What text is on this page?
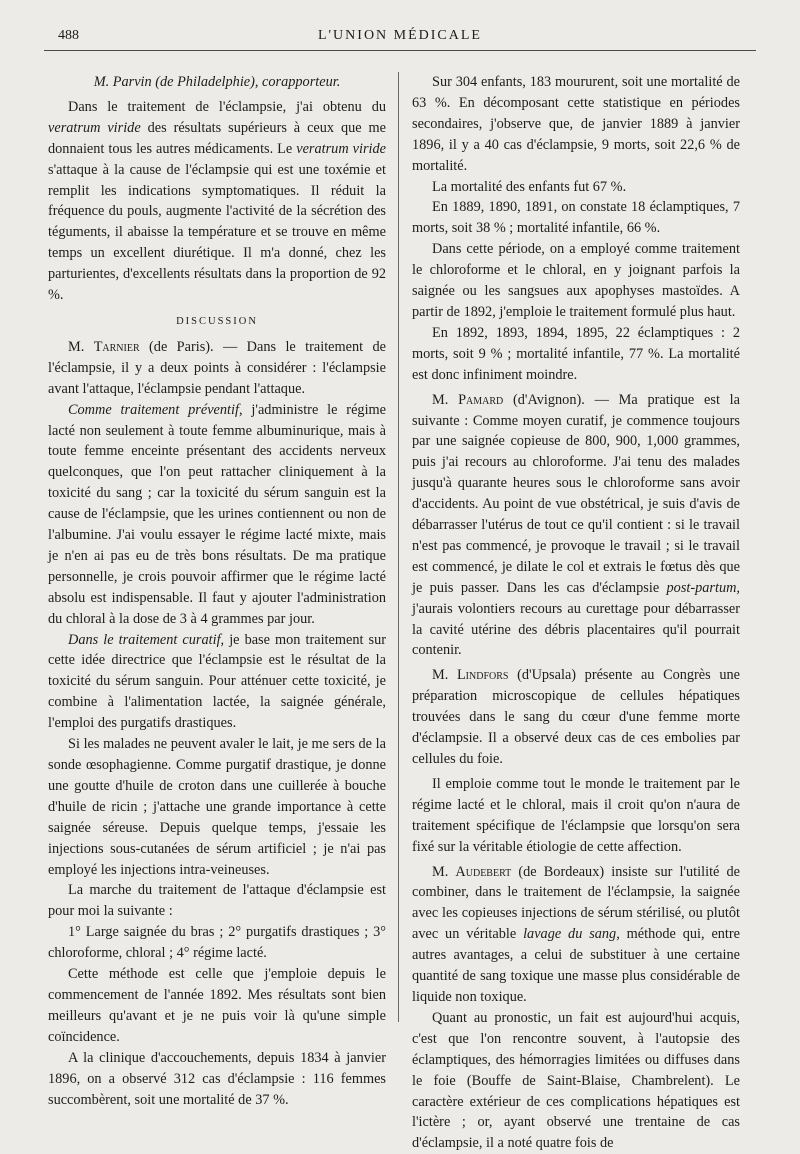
488	L'UNION MÉDICALE

M. Parvin (de Philadelphie), corapporteur.

Dans le traitement de l'éclampsie, j'ai obtenu du veratrum viride des résultats supérieurs à ceux que me donnaient tous les autres médicaments. Le veratrum viride s'attaque à la cause de l'éclampsie qui est une toxémie et remplit les indications symptomatiques. Il réduit la fréquence du pouls, augmente l'activité de la sécrétion des téguments, il abaisse la température et se trouve en même temps un excellent diurétique. Il m'a donné, chez les parturientes, d'excellents résultats dans la proportion de 92 %.

DISCUSSION

M. Tarnier (de Paris). — Dans le traitement de l'éclampsie, il y a deux points à considérer : l'éclampsie avant l'attaque, l'éclampsie pendant l'attaque.

Comme traitement préventif, j'administre le régime lacté non seulement à toute femme albuminurique, mais à toute femme enceinte présentant des accidents nerveux quelconques, que l'on peut rattacher cliniquement à la toxicité du sang ; car la toxicité du sérum sanguin est la cause de l'éclampsie, que les urines contiennent ou non de l'albumine. J'ai voulu essayer le régime lacté mixte, mais je n'en ai pas eu de très bons résultats. De ma pratique personnelle, je crois pouvoir affirmer que le régime lacté absolu est indispensable. Il faut y ajouter l'administration du chloral à la dose de 3 à 4 grammes par jour.

Dans le traitement curatif, je base mon traitement sur cette idée directrice que l'éclampsie est le résultat de la toxicité du sérum sanguin. Pour atténuer cette toxicité, je combine à l'alimentation lactée, la saignée générale, l'emploi des purgatifs drastiques.

Si les malades ne peuvent avaler le lait, je me sers de la sonde œsophagienne. Comme purgatif drastique, je donne une goutte d'huile de croton dans une cuillerée à bouche d'huile de ricin ; j'attache une grande importance à cette saignée séreuse. Depuis quelque temps, j'essaie les injections sous-cutanées de sérum artificiel ; je n'ai pas employé les injections intra-veineuses.

La marche du traitement de l'attaque d'éclampsie est pour moi la suivante :

1° Large saignée du bras ; 2° purgatifs drastiques ; 3° chloroforme, chloral ; 4° régime lacté.

Cette méthode est celle que j'emploie depuis le commencement de l'année 1892. Mes résultats sont bien meilleurs qu'avant et je ne puis voir là qu'une simple coïncidence.

A la clinique d'accouchements, depuis 1834 à janvier 1896, on a observé 312 cas d'éclampsie : 116 femmes succombèrent, soit une mortalité de 37 %.

Sur 304 enfants, 183 moururent, soit une mortalité de 63 %. En décomposant cette statistique en périodes secondaires, j'observe que, de janvier 1889 à janvier 1896, il y a 40 cas d'éclampsie, 9 morts, soit 22,6 % de mortalité.

La mortalité des enfants fut 67 %.

En 1889, 1890, 1891, on constate 18 éclamptiques, 7 morts, soit 38 % ; mortalité infantile, 66 %.

Dans cette période, on a employé comme traitement le chloroforme et le chloral, en y joignant parfois la saignée ou les sangsues aux apophyses mastoïdes. A partir de 1892, j'emploie le traitement formulé plus haut.

En 1892, 1893, 1894, 1895, 22 éclamptiques : 2 morts, soit 9 % ; mortalité infantile, 77 %. La mortalité est donc infiniment moindre.

M. Pamard (d'Avignon). — Ma pratique est la suivante : Comme moyen curatif, je commence toujours par une saignée copieuse de 800, 900, 1,000 grammes, puis j'ai recours au chloroforme. J'ai tenu des malades jusqu'à quarante heures sous le chloroforme sans avoir d'accidents. Au point de vue obstétrical, je suis d'avis de débarrasser l'utérus de tout ce qu'il contient : si le travail n'est pas commencé, je provoque le travail ; si le travail est commencé, je dilate le col et extrais le fœtus dès que je puis passer. Dans les cas d'éclampsie post-partum, j'aurais volontiers recours au curettage pour débarrasser la cavité utérine des débris placentaires qu'il pourrait contenir.

M. Lindfors (d'Upsala) présente au Congrès une préparation microscopique de cellules hépatiques trouvées dans le sang du cœur d'une femme morte d'éclampsie. Il a observé deux cas de ces embolies par cellules du foie.

Il emploie comme tout le monde le traitement par le régime lacté et le chloral, mais il croit qu'on n'aura de traitement spécifique de l'éclampsie que lorsqu'on sera fixé sur la véritable étiologie de cette affection.

M. Audebert (de Bordeaux) insiste sur l'utilité de combiner, dans le traitement de l'éclampsie, la saignée avec les copieuses injections de sérum stérilisé, ou plutôt avec un véritable lavage du sang, méthode qui, entre autres avantages, a celui de substituer à une certaine quantité de sang toxique une masse plus considérable de liquide non toxique.

Quant au pronostic, un fait est aujourd'hui acquis, c'est que l'on rencontre souvent, à l'autopsie des éclamptiques, des hémorragies limitées ou diffuses dans le foie (Bouffe de Saint-Blaise, Chambrelent). Le caractère extérieur de ces complications hépatiques est l'ictère ; or, ayant observé une trentaine de cas d'éclampsie, il a noté quatre fois de
